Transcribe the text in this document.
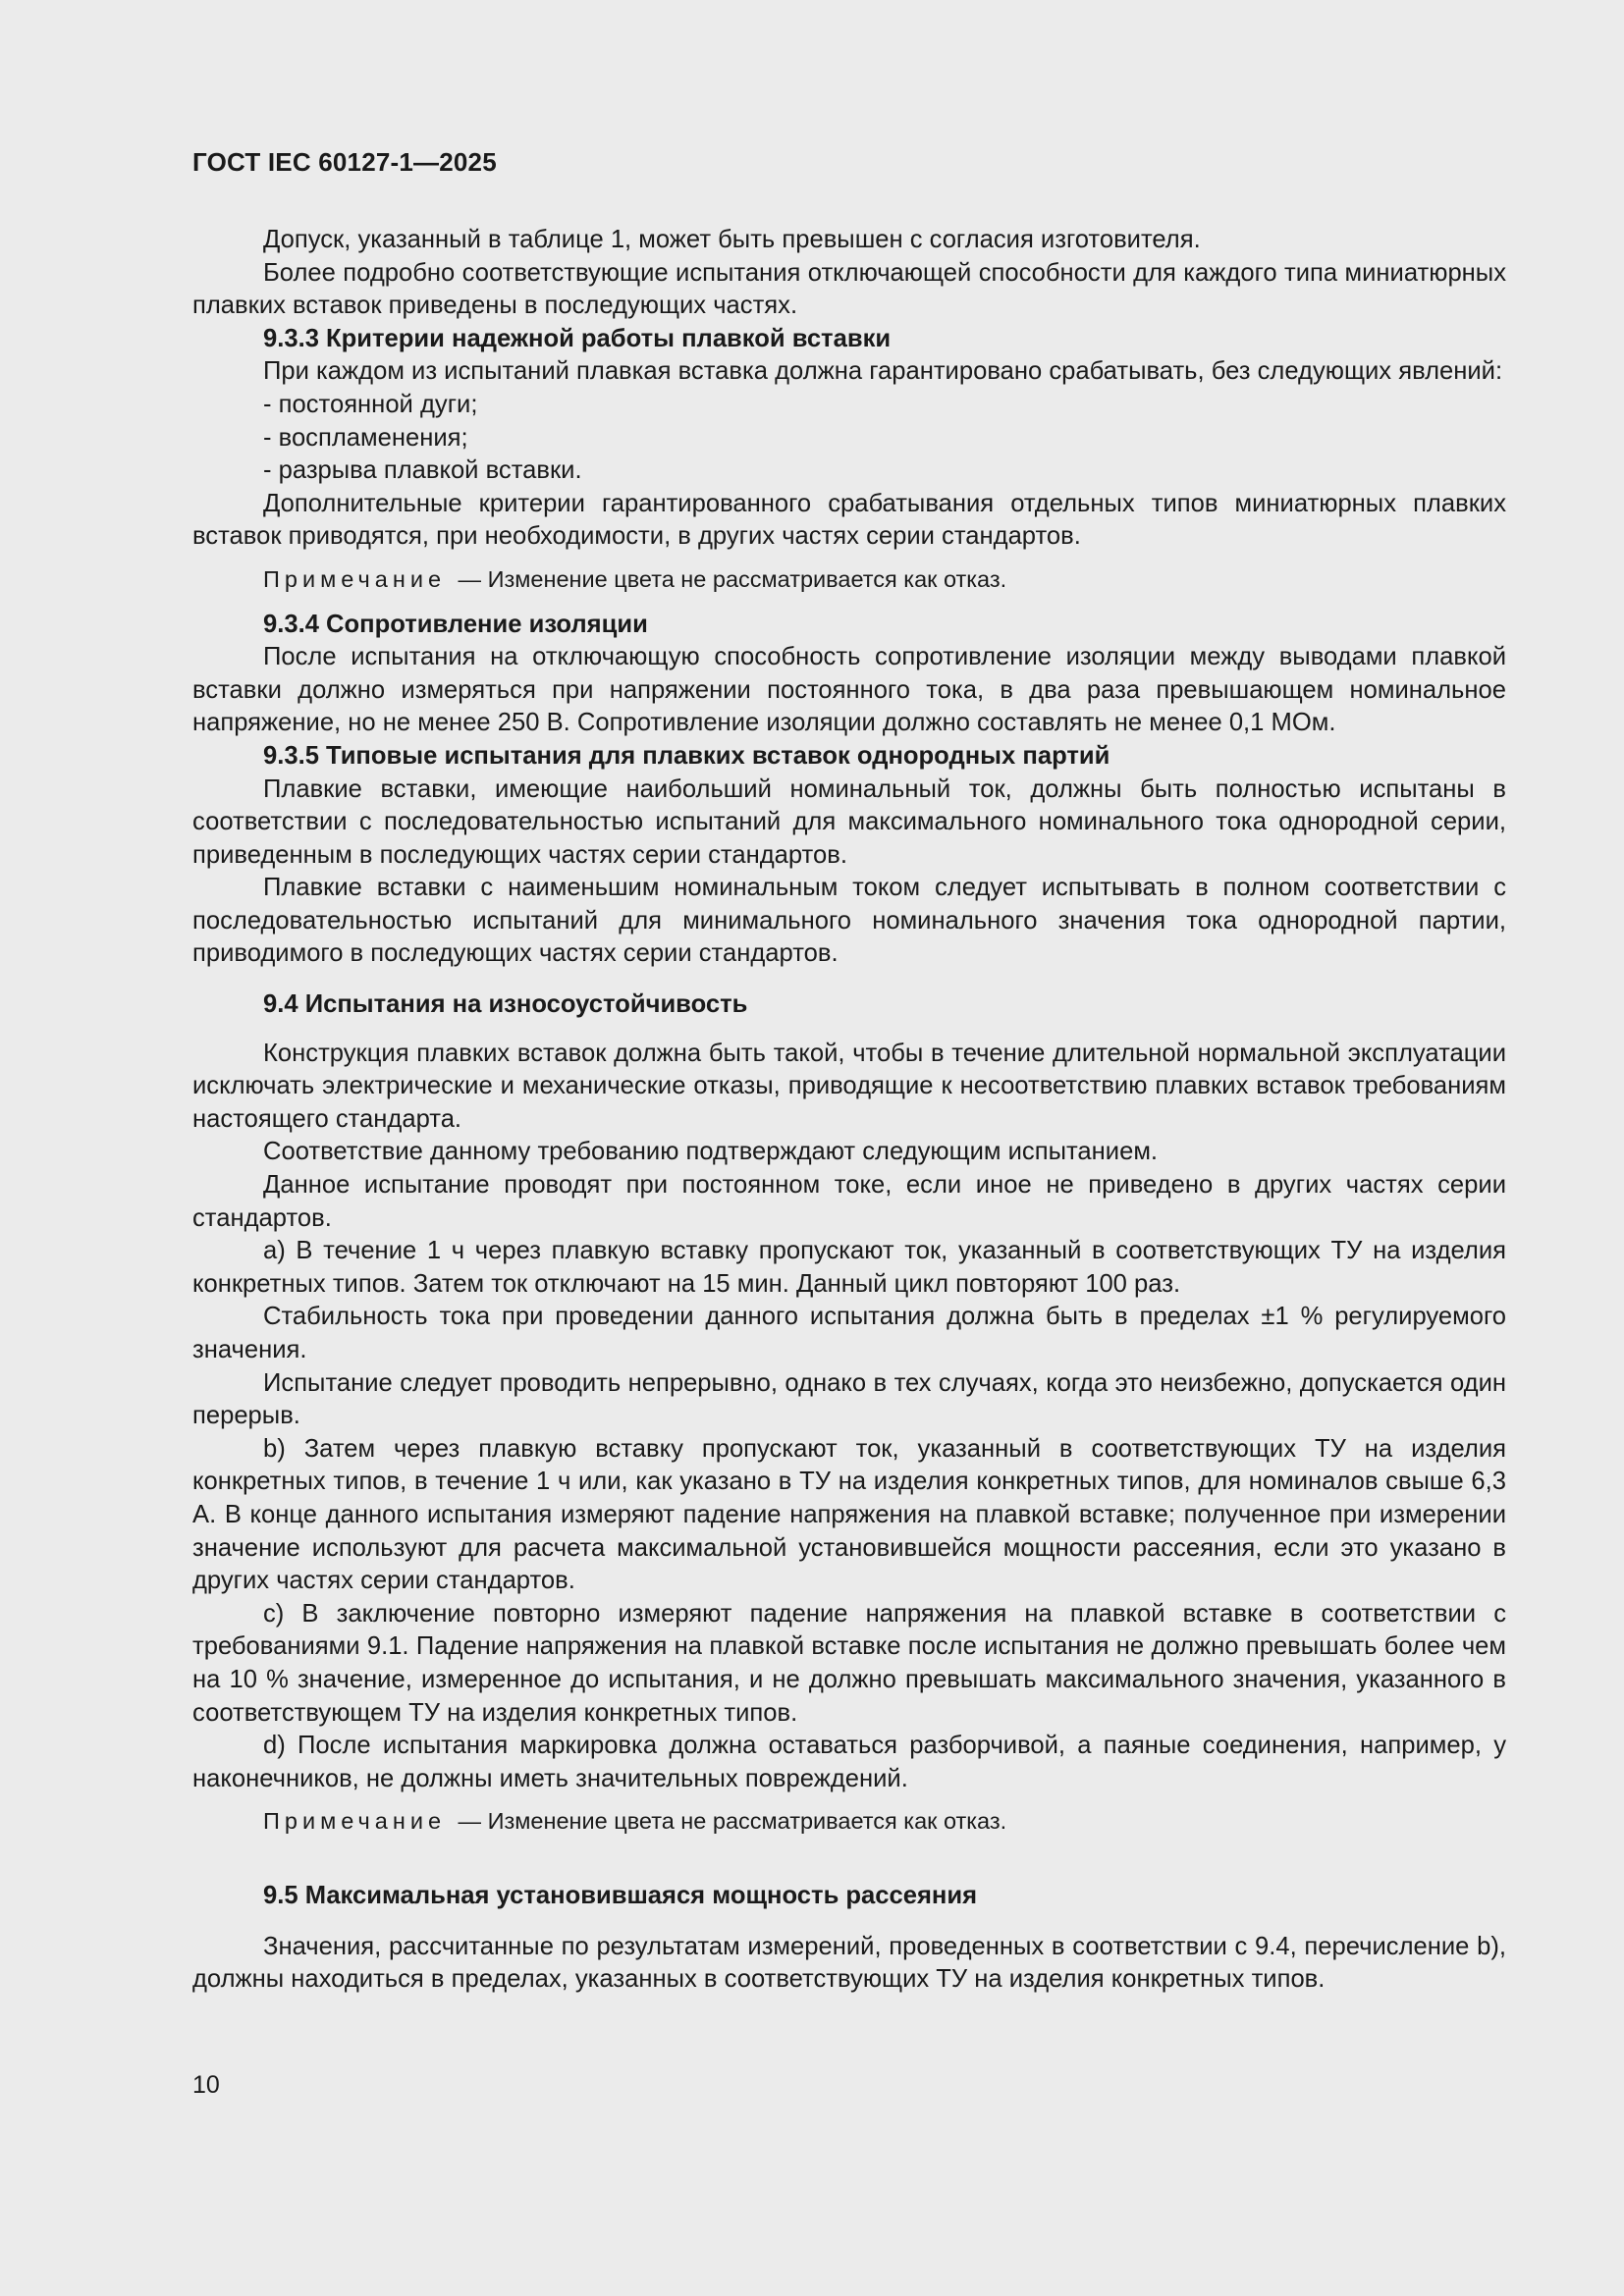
ГОСТ IEC 60127-1—2025

Допуск, указанный в таблице 1, может быть превышен с согласия изготовителя.

Более подробно соответствующие испытания отключающей способности для каждого типа миниатюрных плавких вставок приведены в последующих частях.

9.3.3 Критерии надежной работы плавкой вставки

При каждом из испытаний плавкая вставка должна гарантировано срабатывать, без следующих явлений:

- постоянной дуги;

- воспламенения;

- разрыва плавкой вставки.

Дополнительные критерии гарантированного срабатывания отдельных типов миниатюрных плавких вставок приводятся, при необходимости, в других частях серии стандартов.

Примечание — Изменение цвета не рассматривается как отказ.

9.3.4 Сопротивление изоляции

После испытания на отключающую способность сопротивление изоляции между выводами плавкой вставки должно измеряться при напряжении постоянного тока, в два раза превышающем номинальное напряжение, но не менее 250 В. Сопротивление изоляции должно составлять не менее 0,1 МОм.

9.3.5 Типовые испытания для плавких вставок однородных партий

Плавкие вставки, имеющие наибольший номинальный ток, должны быть полностью испытаны в соответствии с последовательностью испытаний для максимального номинального тока однородной серии, приведенным в последующих частях серии стандартов.

Плавкие вставки с наименьшим номинальным током следует испытывать в полном соответствии с последовательностью испытаний для минимального номинального значения тока однородной партии, приводимого в последующих частях серии стандартов.

9.4 Испытания на износоустойчивость

Конструкция плавких вставок должна быть такой, чтобы в течение длительной нормальной эксплуатации исключать электрические и механические отказы, приводящие к несоответствию плавких вставок требованиям настоящего стандарта.

Соответствие данному требованию подтверждают следующим испытанием.

Данное испытание проводят при постоянном токе, если иное не приведено в других частях серии стандартов.

a) В течение 1 ч через плавкую вставку пропускают ток, указанный в соответствующих ТУ на изделия конкретных типов. Затем ток отключают на 15 мин. Данный цикл повторяют 100 раз.

Стабильность тока при проведении данного испытания должна быть в пределах ±1 % регулируемого значения.

Испытание следует проводить непрерывно, однако в тех случаях, когда это неизбежно, допускается один перерыв.

b) Затем через плавкую вставку пропускают ток, указанный в соответствующих ТУ на изделия конкретных типов, в течение 1 ч или, как указано в ТУ на изделия конкретных типов, для номиналов свыше 6,3 А. В конце данного испытания измеряют падение напряжения на плавкой вставке; полученное при измерении значение используют для расчета максимальной установившейся мощности рассеяния, если это указано в других частях серии стандартов.

c) В заключение повторно измеряют падение напряжения на плавкой вставке в соответствии с требованиями 9.1. Падение напряжения на плавкой вставке после испытания не должно превышать более чем на 10 % значение, измеренное до испытания, и не должно превышать максимального значения, указанного в соответствующем ТУ на изделия конкретных типов.

d) После испытания маркировка должна оставаться разборчивой, а паяные соединения, например, у наконечников, не должны иметь значительных повреждений.

Примечание — Изменение цвета не рассматривается как отказ.

9.5 Максимальная установившаяся мощность рассеяния

Значения, рассчитанные по результатам измерений, проведенных в соответствии с 9.4, перечисление b), должны находиться в пределах, указанных в соответствующих ТУ на изделия конкретных типов.

10
